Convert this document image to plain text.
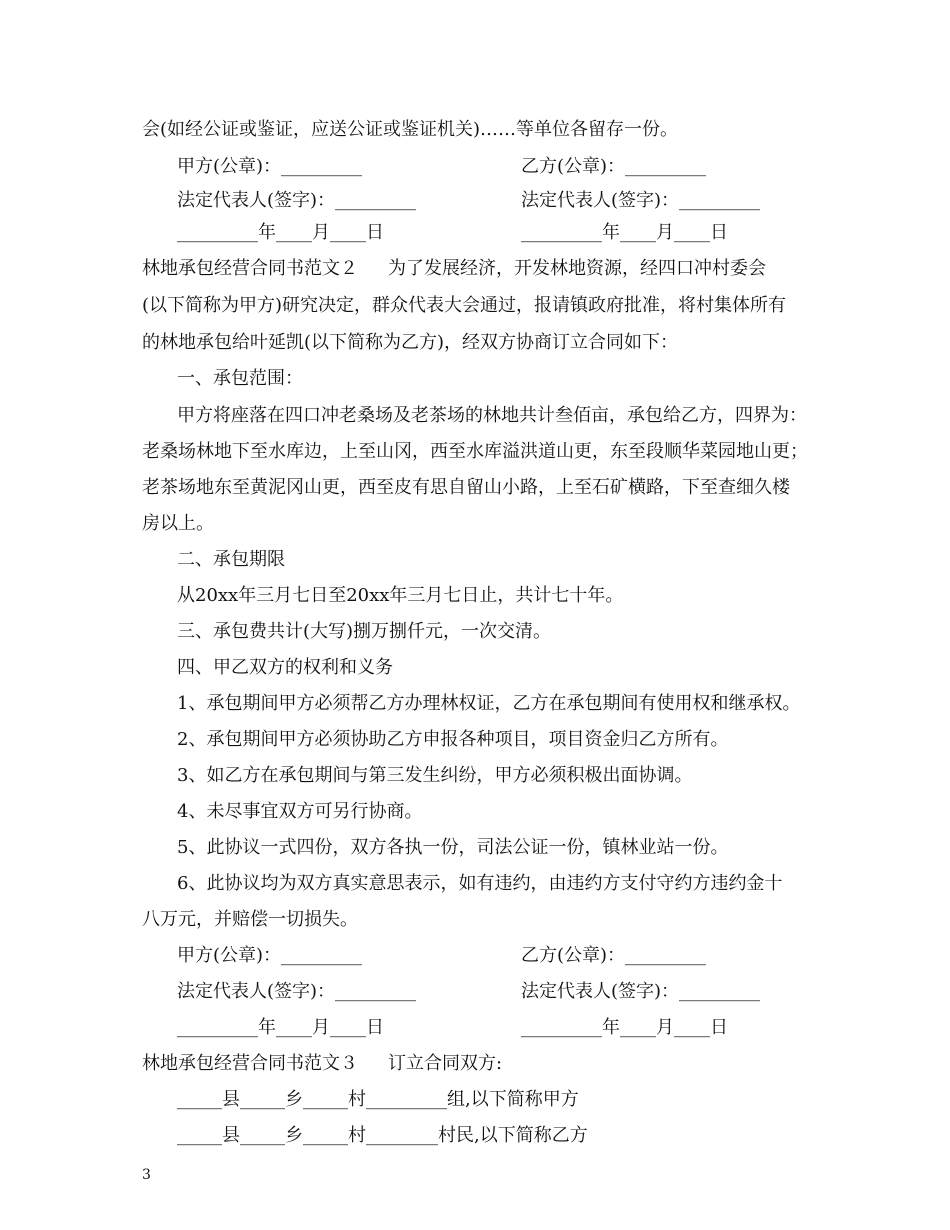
会(如经公证或鉴证，应送公证或鉴证机关)……等单位各留存一份。
甲方(公章)：_________	乙方(公章)：_________
法定代表人(签字)：_________	法定代表人(签字)：_________
_________年____月____日	_________年____月____日
林地承包经营合同书范文２ 为了发展经济，开发林地资源，经四口冲村委会
(以下简称为甲方)研究决定，群众代表大会通过，报请镇政府批准，将村集体所有
的林地承包给叶延凯(以下简称为乙方)，经双方协商订立合同如下：
一、承包范围：
甲方将座落在四口冲老桑场及老茶场的林地共计叁佰亩，承包给乙方，四界为：
老桑场林地下至水库边，上至山冈，西至水库溢洪道山更，东至段顺华菜园地山更；
老茶场地东至黄泥冈山更，西至皮有思自留山小路，上至石矿横路，下至查细久楼
房以上。
二、承包期限
从20xx年三月七日至20xx年三月七日止，共计七十年。
三、承包费共计(大写)捌万捌仟元，一次交清。
四、甲乙双方的权利和义务
1、承包期间甲方必须帮乙方办理林权证，乙方在承包期间有使用权和继承权。
2、承包期间甲方必须协助乙方申报各种项目，项目资金归乙方所有。
3、如乙方在承包期间与第三发生纠纷，甲方必须积极出面协调。
4、未尽事宜双方可另行协商。
5、此协议一式四份，双方各执一份，司法公证一份，镇林业站一份。
6、此协议均为双方真实意思表示，如有违约，由违约方支付守约方违约金十
八万元，并赔偿一切损失。
甲方(公章)：_________	乙方(公章)：_________
法定代表人(签字)：_________	法定代表人(签字)：_________
_________年____月____日	_________年____月____日
林地承包经营合同书范文３ 订立合同双方:
_____县_____乡_____村_________组,以下简称甲方
_____县_____乡_____村________村民,以下简称乙方
3
